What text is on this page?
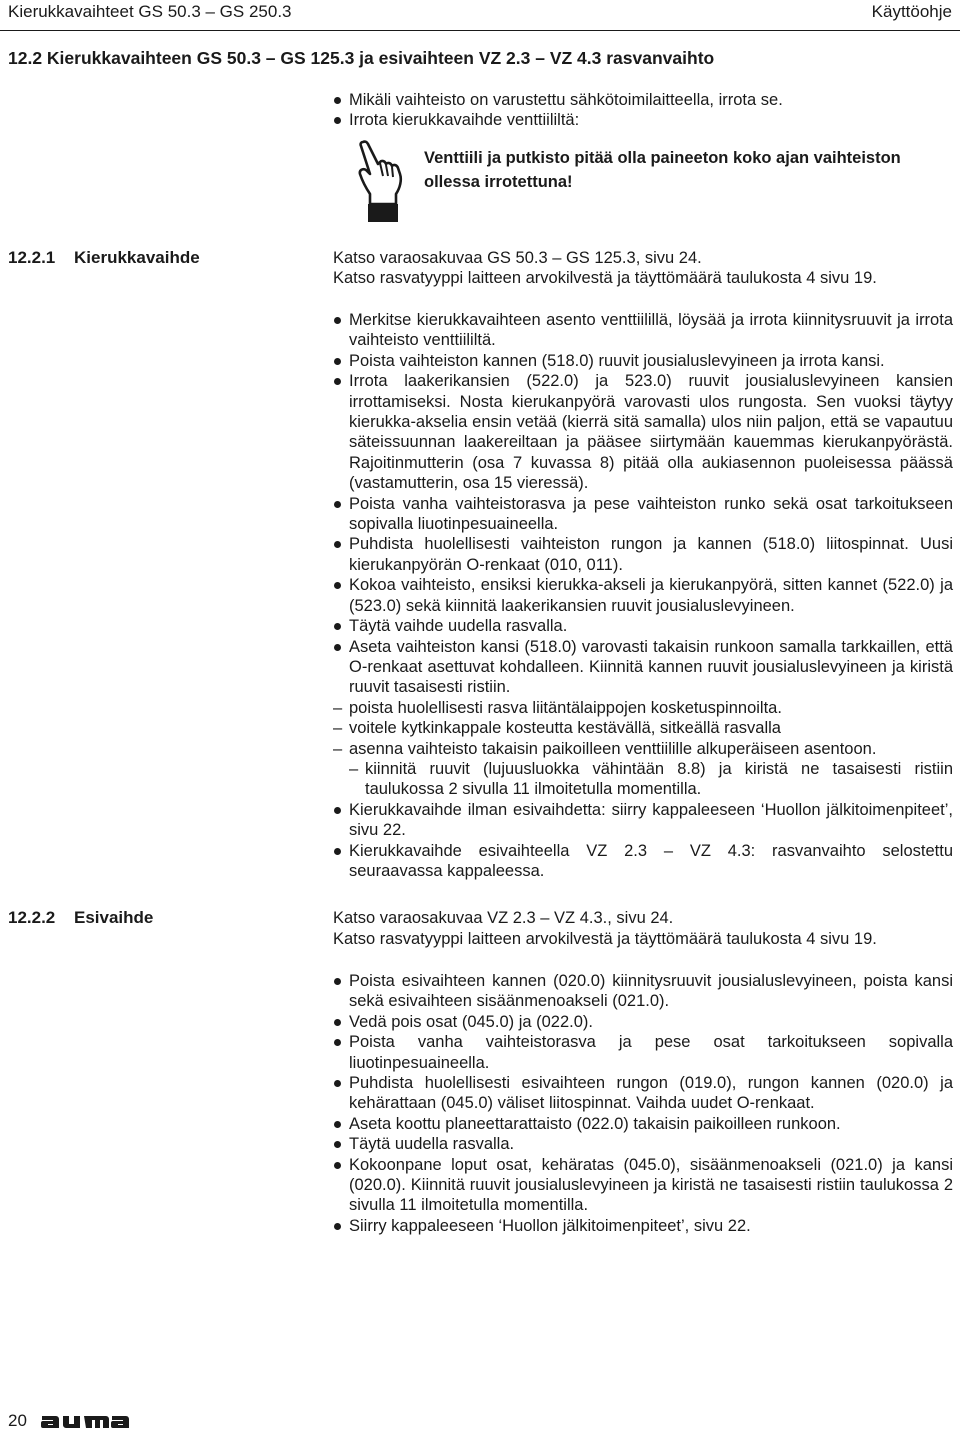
Kierukkavaihteet GS 50.3 – GS 250.3	Käyttöohje
12.2 Kierukkavaihteen GS 50.3 – GS 125.3 ja esivaihteen VZ 2.3 – VZ 4.3 rasvanvaihto
Mikäli vaihteisto on varustettu sähkötoimilaitteella, irrota se.
Irrota kierukkavaihde venttiililtä:
Venttiili ja putkisto pitää olla paineeton koko ajan vaihteiston ollessa irrotettuna!
12.2.1 Kierukkavaihde	Katso varaosakuvaa GS 50.3 – GS 125.3, sivu 24.
Katso rasvatyyppi laitteen arvokilvestä ja täyttömäärä taulukosta 4 sivu 19.
Merkitse kierukkavaihteen asento venttiilillä, löysää ja irrota kiinnitysruuvit ja irrota vaihteisto venttiililtä.
Poista vaihteiston kannen (518.0) ruuvit jousialuslevyineen ja irrota kansi.
Irrota laakerikansien (522.0) ja 523.0) ruuvit jousialuslevyineen kansien irrottamiseksi. Nosta kierukanpyörä varovasti ulos rungosta. Sen vuoksi täytyy kierukka-akselia ensin vetää (kierrä sitä samalla) ulos niin paljon, että se vapautuu säteissuunnan laakereiltaan ja pääsee siirtymään kauemmas kierukanpyörästä. Rajoitinmutterin (osa 7 kuvassa 8) pitää olla aukiasennon puoleisessa päässä (vastamutterin, osa 15 vieressä).
Poista vanha vaihteistorasva ja pese vaihteiston runko sekä osat tarkoitukseen sopivalla liuotinpesuaineella.
Puhdista huolellisesti vaihteiston rungon ja kannen (518.0) liitospinnat. Uusi kierukanpyörän O-renkaat (010, 011).
Kokoa vaihteisto, ensiksi kierukka-akseli ja kierukanpyörä, sitten kannet (522.0) ja (523.0) sekä kiinnitä laakerikansien ruuvit jousialuslevyineen.
Täytä vaihde uudella rasvalla.
Aseta vaihteiston kansi (518.0) varovasti takaisin runkoon samalla tarkkaillen, että O-renkaat asettuvat kohdalleen. Kiinnitä kannen ruuvit jousialuslevyineen ja kiristä ruuvit tasaisesti ristiin.
– poista huolellisesti rasva liitäntälaippojen kosketuspinnoilta.
– voitele kytkinkappale kosteutta kestävällä, sitkeällä rasvalla
– asenna vaihteisto takaisin paikoilleen venttiilille alkuperäiseen asentoon.
– kiinnitä ruuvit (lujuusluokka vähintään 8.8) ja kiristä ne tasaisesti ristiin taulukossa 2 sivulla 11 ilmoitetulla momentilla.
Kierukkavaihde ilman esivaihdetta: siirry kappaleeseen ‘Huollon jälkitoimenpiteet’, sivu 22.
Kierukkavaihde esivaihteella VZ 2.3 – VZ 4.3: rasvanvaihto selostettu seuraavassa kappaleessa.
12.2.2 Esivaihde	Katso varaosakuvaa VZ 2.3 – VZ 4.3., sivu 24.
Katso rasvatyyppi laitteen arvokilvestä ja täyttömäärä taulukosta 4 sivu 19.
Poista esivaihteen kannen (020.0) kiinnitysruuvit jousialuslevyineen, poista kansi sekä esivaihteen sisäänmenoakseli (021.0).
Vedä pois osat (045.0) ja (022.0).
Poista vanha vaihteistorasva ja pese osat tarkoitukseen sopivalla liuotinpesuaineella.
Puhdista huolellisesti esivaihteen rungon (019.0), rungon kannen (020.0) ja kehärattaan (045.0) väliset liitospinnat. Vaihda uudet O-renkaat.
Aseta koottu planeettarattaisto (022.0) takaisin paikoilleen runkoon.
Täytä uudella rasvalla.
Kokoonpane loput osat, kehäratas (045.0), sisäänmenoakseli (021.0) ja kansi (020.0). Kiinnitä ruuvit jousialuslevyineen ja kiristä ne tasaisesti ristiin taulukossa 2 sivulla 11 ilmoitetulla momentilla.
Siirry kappaleeseen ‘Huollon jälkitoimenpiteet’, sivu 22.
20
